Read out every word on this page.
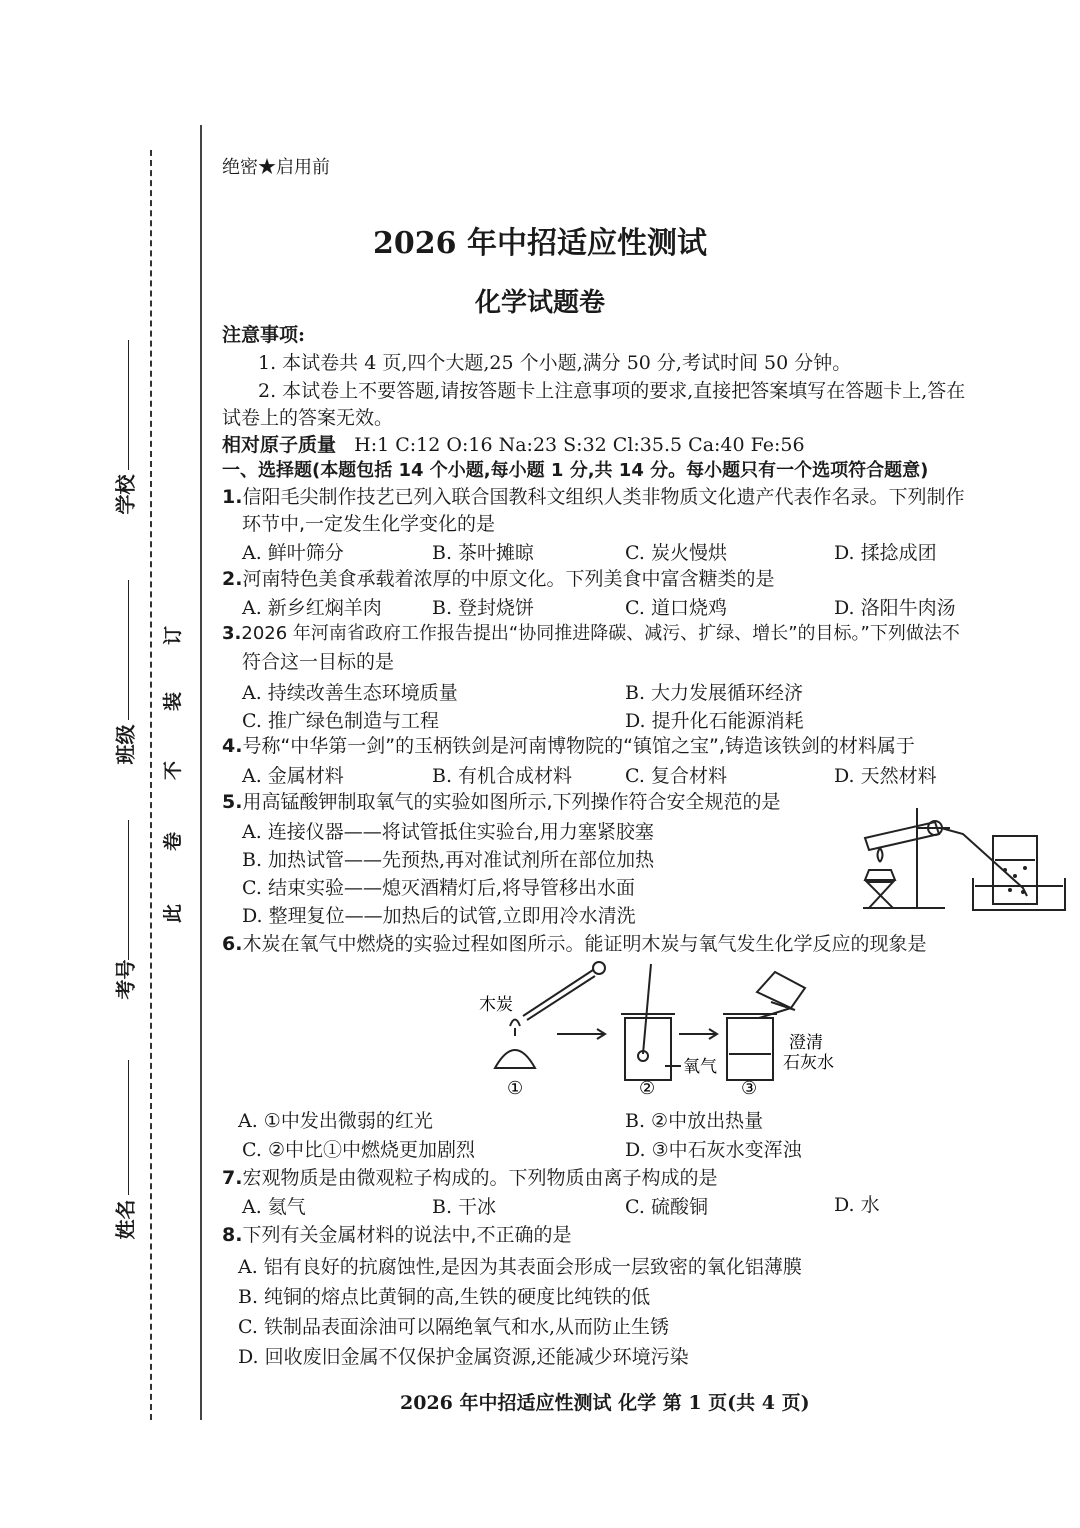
学校
班级
考号
姓名
订
装
不
卷
此
绝密★启用前
2026 年中招适应性测试
化学试题卷
注意事项:
1. 本试卷共 4 页,四个大题,25 个小题,满分 50 分,考试时间 50 分钟。
2. 本试卷上不要答题,请按答题卡上注意事项的要求,直接把答案填写在答题卡上,答在
试卷上的答案无效。
相对原子质量 H:1 C:12 O:16 Na:23 S:32 Cl:35.5 Ca:40 Fe:56
一、选择题(本题包括 14 个小题,每小题 1 分,共 14 分。每小题只有一个选项符合题意)
1.信阳毛尖制作技艺已列入联合国教科文组织人类非物质文化遗产代表作名录。下列制作
环节中,一定发生化学变化的是
A. 鲜叶筛分	B. 茶叶摊晾	C. 炭火慢烘	D. 揉捻成团
2.河南特色美食承载着浓厚的中原文化。下列美食中富含糖类的是
A. 新乡红焖羊肉	B. 登封烧饼	C. 道口烧鸡	D. 洛阳牛肉汤
3.2026 年河南省政府工作报告提出“协同推进降碳、减污、扩绿、增长”的目标。”下列做法不
符合这一目标的是
A. 持续改善生态环境质量	B. 大力发展循环经济
C. 推广绿色制造与工程	D. 提升化石能源消耗
4.号称“中华第一剑”的玉柄铁剑是河南博物院的“镇馆之宝”,铸造该铁剑的材料属于
A. 金属材料	B. 有机合成材料	C. 复合材料	D. 天然材料
5.用高锰酸钾制取氧气的实验如图所示,下列操作符合安全规范的是
A. 连接仪器——将试管抵住实验台,用力塞紧胶塞
B. 加热试管——先预热,再对准试剂所在部位加热
C. 结束实验——熄灭酒精灯后,将导管移出水面
D. 整理复位——加热后的试管,立即用冷水清洗
6.木炭在氧气中燃烧的实验过程如图所示。能证明木炭与氧气发生化学反应的现象是
木炭
氧气
澄清
石灰水
①	②	③
A. ①中发出微弱的红光	B. ②中放出热量
C. ②中比①中燃烧更加剧烈	D. ③中石灰水变浑浊
7.宏观物质是由微观粒子构成的。下列物质由离子构成的是
A. 氦气	B. 干冰	C. 硫酸铜	D. 水
8.下列有关金属材料的说法中,不正确的是
A. 铝有良好的抗腐蚀性,是因为其表面会形成一层致密的氧化铝薄膜
B. 纯铜的熔点比黄铜的高,生铁的硬度比纯铁的低
C. 铁制品表面涂油可以隔绝氧气和水,从而防止生锈
D. 回收废旧金属不仅保护金属资源,还能减少环境污染
2026 年中招适应性测试 化学 第 1 页(共 4 页)
